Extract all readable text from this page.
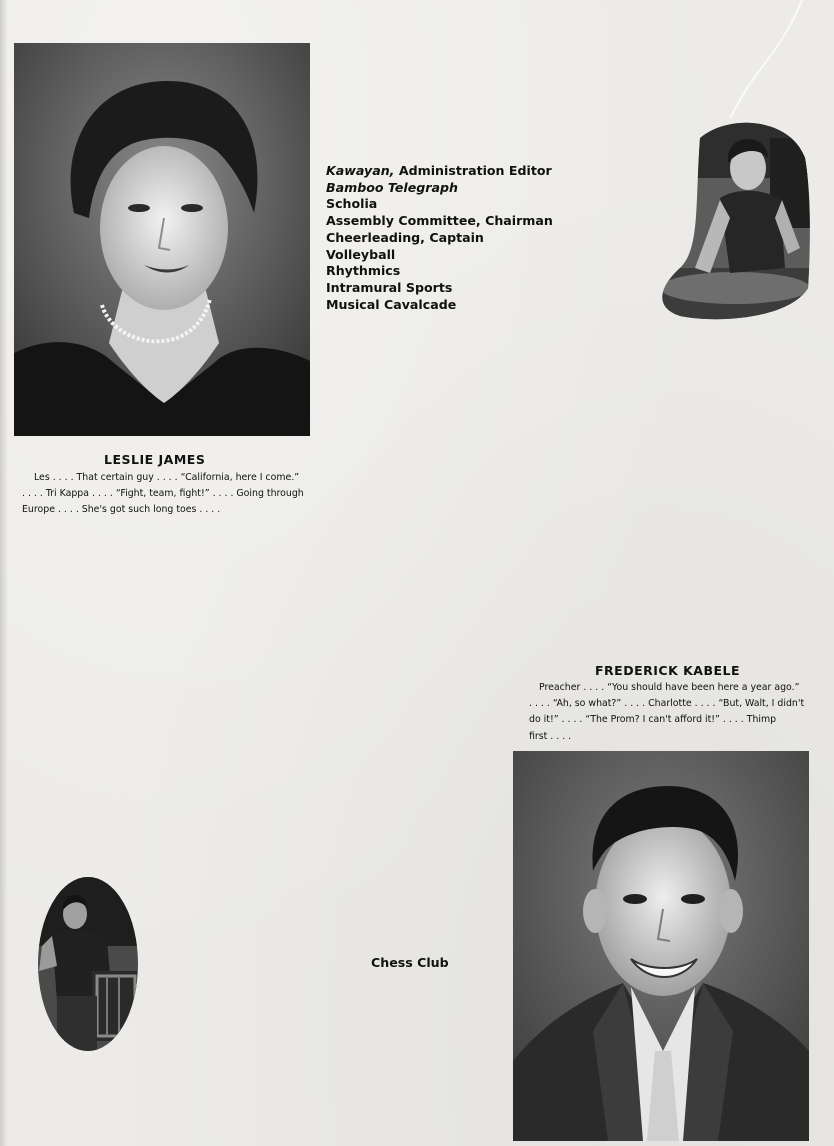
Kawayan, Administration Editor
Bamboo Telegraph
Scholia
Assembly Committee, Chairman
Cheerleading, Captain
Volleyball
Rhythmics
Intramural Sports
Musical Cavalcade
LESLIE JAMES
Les . . . . That certain guy . . . . “California, here I come.”
. . . . Tri Kappa . . . . “Fight, team, fight!” . . . . Going through
Europe . . . . She's got such long toes . . . .
FREDERICK KABELE
Preacher . . . . “You should have been here a year ago.”
. . . . “Ah, so what?” . . . . Charlotte . . . . “But, Walt, I didn't
do it!” . . . . “The Prom? I can't afford it!” . . . . Thimp
first . . . .
Chess Club
